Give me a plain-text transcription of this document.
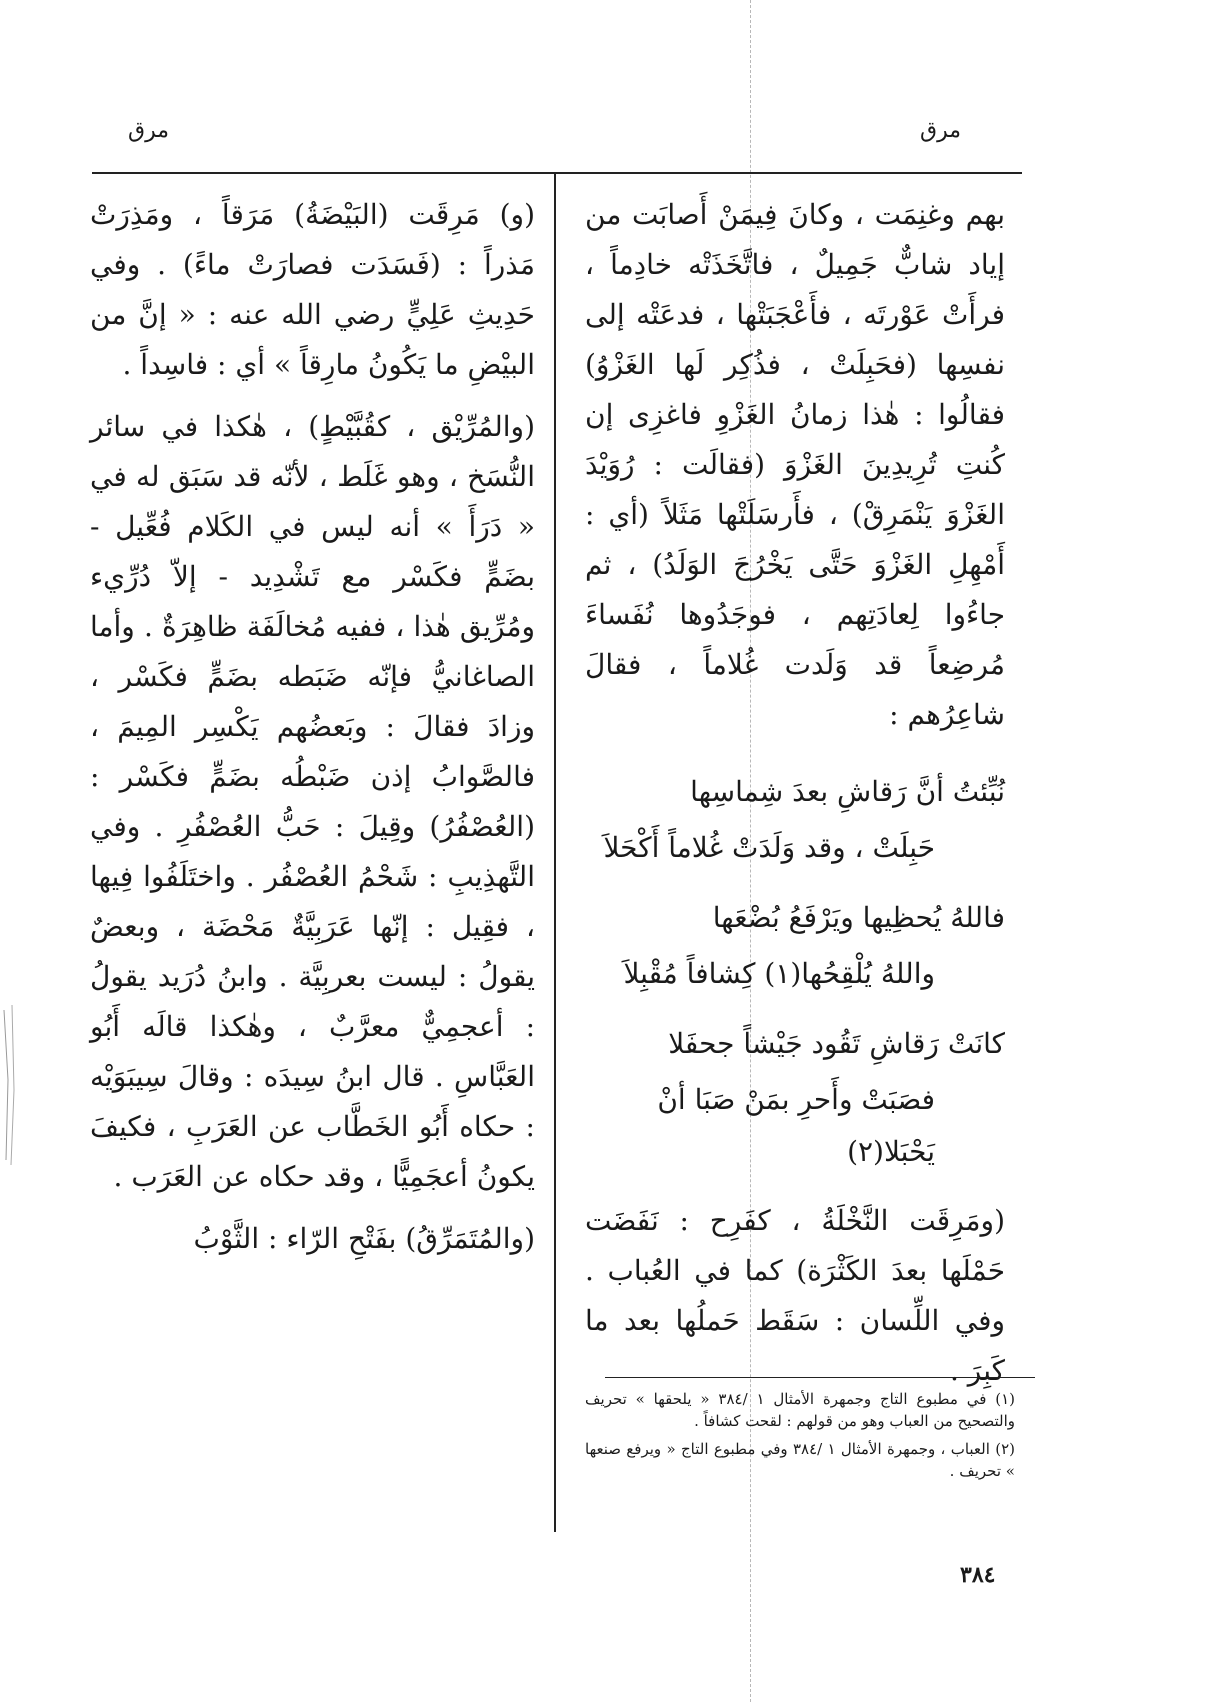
مرق
مرق

بهم وغنِمَت ، وكانَ فِيمَنْ أَصابَت من إياد شابٌّ جَمِيلٌ ، فاتَّخَذَتْه خادِماً ، فرأَتْ عَوْرتَه ، فأَعْجَبَتْها ، فدعَتْه إلى نفسِها (فحَبِلَتْ ، فذُكِر لَها الغَزْوُ) فقالُوا : هٰذا زمانُ الغَزْوِ فاغزِى إن كُنتِ تُرِيدِينَ الغَزْوَ (فقالَت : رُوَيْدَ الغَزْوَ يَنْمَرِقْ) ، فأَرسَلَتْها مَثَلاً (أي : أَمْهِلِ الغَزْوَ حَتَّى يَخْرُجَ الوَلَدُ) ، ثم جاءُوا لِعادَتِهم ، فوجَدُوها نُفَساءَ مُرضِعاً قد وَلَدت غُلاماً ، فقالَ شاعِرُهم :

نُبِّئتُ أنَّ رَقاشِ بعدَ شِماسِها

حَبِلَتْ ، وقد وَلَدَتْ غُلاماً أَكْحَلاَ

فاللهُ يُحظِيها ويَرْفَعُ بُضْعَها

واللهُ يُلْقِحُها(١) كِشافاً مُقْبِلاَ

كانَتْ رَقاشِ تَقُود جَيْشاً جحفَلا

فصَبَتْ وأَحرِ بمَنْ صَبَا أنْ يَحْبَلا(٢)

(ومَرِقَت النَّخْلَةُ ، كفَرِح : نَفَضَت حَمْلَها بعدَ الكَثْرَة) كما في العُباب . وفي اللِّسان : سَقَط حَملُها بعد ما كَبِرَ .

(١) في مطبوع التاج وجمهرة الأمثال ١ /٣٨٤ « يلحقها » تحريف والتصحيح من العباب وهو من قولهم : لقحت كشافاً .

(٢) العباب ، وجمهرة الأمثال ١ /٣٨٤ وفي مطبوع التاج « ويرفع صنعها » تحريف .

(و) مَرِقَت (البَيْضَةُ) مَرَقاً ، ومَذِرَتْ مَذراً : (فَسَدَت فصارَتْ ماءً) . وفي حَدِيثِ عَلِيٍّ رضي الله عنه : « إنَّ من البيْضِ ما يَكُونُ مارِقاً » أي : فاسِداً .

(والمُرِّيْق ، كقُبَّيْطٍ) ، هٰكذا في سائر النُّسَخ ، وهو غَلَط ، لأنّه قد سَبَق له في « دَرَأَ » أنه ليس في الكَلام فُعِّيل - بضَمٍّ فكَسْر مع تَشْدِيد - إلاّ دُرِّيء ومُرِّيق هٰذا ، ففيه مُخالَفَة ظاهِرَةٌ . وأما الصاغانيُّ فإنّه ضَبَطه بضَمٍّ فكَسْر ، وزادَ فقالَ : وبَعضُهم يَكْسِر المِيمَ ، فالصَّوابُ إذن ضَبْطُه بضَمٍّ فكَسْر : (العُصْفُرُ) وقِيلَ : حَبُّ العُصْفُرِ . وفي التَّهذِيبِ : شَحْمُ العُصْفُر . واختَلَفُوا فِيها ، فقِيل : إنّها عَرَبِيَّةٌ مَحْضَة ، وبعضٌ يقولُ : ليست بعربِيَّة . وابنُ دُرَيد يقولُ : أعجمِيٌّ معرَّبٌ ، وهٰكذا قالَه أَبُو العَبَّاسِ . قال ابنُ سِيدَه : وقالَ سِيبَوَيْه : حكاه أَبُو الخَطَّاب عن العَرَبِ ، فكيفَ يكونُ أعجَمِيًّا ، وقد حكاه عن العَرَب .

(والمُتَمَرِّقُ) بفَتْحِ الرّاء : الثَّوْبُ

٣٨٤
